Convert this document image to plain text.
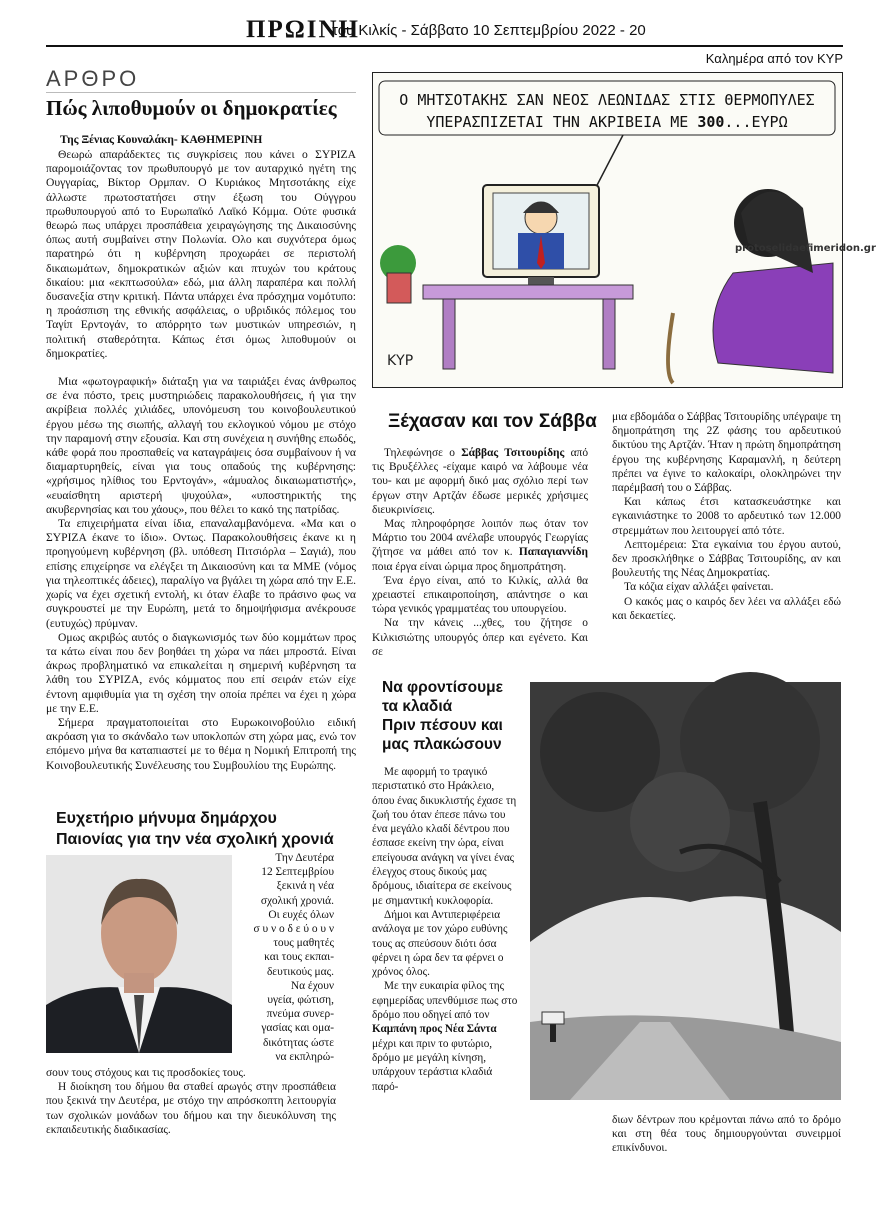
ΠΡΩΙΝΗ
του Κιλκίς - Σάββατο 10 Σεπτεμβρίου 2022 - 20
Καλημέρα από τον ΚΥΡ
ΑΡΘΡΟ
Πώς λιποθυμούν οι δημοκρατίες
Της Ξένιας Κουναλάκη- ΚΑΘΗΜΕΡΙΝΗ

Θεωρώ απαράδεκτες τις συγκρίσεις που κάνει ο ΣΥΡΙΖΑ παρομοιάζοντας τον πρωθυπουργό με τον αυταρχικό ηγέτη της Ουγγαρίας, Βίκτορ Ορμπαν. Ο Κυριάκος Μητσοτάκης είχε άλλωστε πρωτοστατήσει στην έξωση του Ούγγρου πρωθυπουργού από το Ευρωπαϊκό Λαϊκό Κόμμα. Ούτε φυσικά θεωρώ πως υπάρχει προσπάθεια χειραγώγησης της Δικαιοσύνης όπως αυτή συμβαίνει στην Πολωνία. Ολο και συχνότερα όμως παρατηρώ ότι η κυβέρνηση προχωράει σε περιστολή δικαιωμάτων, δημοκρατικών αξιών και πτυχών του κράτους δικαίου: μια «εκπτωσούλα» εδώ, μια άλλη παραπέρα και πολλή δυσανεξία στην κριτική. Πάντα υπάρχει ένα πρόσχημα νομότυπο: η προάσπιση της εθνικής ασφάλειας, ο υβριδικός πόλεμος του Ταγίπ Ερντογάν, το απόρρητο των μυστικών υπηρεσιών, η πολιτική σταθερότητα. Κάπως έτσι όμως λιποθυμούν οι δημοκρατίες.

Μια «φωτογραφική» διάταξη για να ταιριάξει ένας άνθρωπος σε ένα πόστο, τρεις μυστηριώδεις παρακολουθήσεις, ή για την ακρίβεια πολλές χιλιάδες, υπονόμευση του κοινοβουλευτικού έργου μέσω της σιωπής, αλλαγή του εκλογικού νόμου με στόχο την παραμονή στην εξουσία. Και στη συνέχεια η συνήθης επωδός, κάθε φορά που προσπαθείς να καταγράψεις όσα συμβαίνουν ή να διαμαρτυρηθείς, είναι για τους οπαδούς της κυβέρνησης: «χρήσιμος ηλίθιος του Ερντογάν», «άμυαλος δικαιωματιστής», «ευαίσθητη αριστερή ψυχούλα», «υποστηρικτής της ακυβερνησίας και του χάους», που θέλει το κακό της πατρίδας.

Τα επιχειρήματα είναι ίδια, επαναλαμβανόμενα. «Μα και ο ΣΥΡΙΖΑ έκανε το ίδιο». Οντως. Παρακολουθήσεις έκανε κι η προηγούμενη κυβέρνηση (βλ. υπόθεση Πιτσιόρλα – Σαγιά), που επίσης επιχείρησε να ελέγξει τη Δικαιοσύνη και τα ΜΜΕ (νόμος για τηλεοπτικές άδειες), παραλίγο να βγάλει τη χώρα από την Ε.Ε. χωρίς να έχει σχετική εντολή, κι όταν έλαβε το πράσινο φως να συγκρουστεί με την Ευρώπη, μετά το δημοψήφισμα ανέκρουσε (ευτυχώς) πρύμναν.

Ομως ακριβώς αυτός ο διαγκωνισμός των δύο κομμάτων προς τα κάτω είναι που δεν βοηθάει τη χώρα να πάει μπροστά. Είναι άκρως προβληματικό να επικαλείται η σημερινή κυβέρνηση τα λάθη του ΣΥΡΙΖΑ, ενός κόμματος που επί σειράν ετών είχε έντονη αμφιθυμία για τη σχέση την οποία πρέπει να έχει η χώρα με την Ε.Ε.

Σήμερα πραγματοποιείται στο Ευρωκοινοβούλιο ειδική ακρόαση για το σκάνδαλο των υποκλοπών στη χώρα μας, ενώ τον επόμενο μήνα θα καταπιαστεί με το θέμα η Νομική Επιτροπή της Κοινοβουλευτικής Συνέλευσης του Συμβουλίου της Ευρώπης.

Ο ΜΗΤΣΟΤΑΚΗΣ ΣΑΝ ΝΕΟΣ ΛΕΩΝΙΔΑΣ ΣΤΙΣ ΘΕΡΜΟΠΥΛΕΣ
ΥΠΕΡΑΣΠΙΖΕΤΑΙ ΤΗΝ ΑΚΡΙΒΕΙΑ ΜΕ 300...ΕΥΡΩ
ΚΥΡ
protoselidaefimeridon.gr
Ξέχασαν και τον Σάββα

Τηλεφώνησε ο Σάββας Τσιτουρίδης από τις Βρυξέλλες -είχαμε καιρό να λάβουμε νέα του- και με αφορμή δικό μας σχόλιο περί των έργων στην Αρτζάν έδωσε μερικές χρήσιμες διευκρινίσεις.

Μας πληροφόρησε λοιπόν πως όταν τον Μάρτιο του 2004 ανέλαβε υπουργός Γεωργίας ζήτησε να μάθει από τον κ. Παπαγιαννίδη ποια έργα είναι ώριμα προς δημοπράτηση.

Ένα έργο είναι, από το Κιλκίς, αλλά θα χρειαστεί επικαιροποίηση, απάντησε ο και τώρα γενικός γραμματέας του υπουργείου.

Να την κάνεις ...χθες, του ζήτησε ο Κιλκισιώτης υπουργός όπερ και εγένετο. Και σε

μια εβδομάδα ο Σάββας Τσιτουρίδης υπέγραψε τη δημοπράτηση της 2Ζ φάσης του αρδευτικού δικτύου της Αρτζάν. Ήταν η πρώτη δημοπράτηση έργου της κυβέρνησης Καραμανλή, η δεύτερη πρέπει να έγινε το καλοκαίρι, ολοκληρώνει την παρέμβασή του ο Σάββας.

Και κάπως έτσι κατασκευάστηκε και εγκαινιάστηκε το 2008 το αρδευτικό των 12.000 στρεμμάτων που λειτουργεί από τότε.

Λεπτομέρεια: Στα εγκαίνια του έργου αυτού, δεν προσκλήθηκε ο Σάββας Τσιτουρίδης, αν και βουλευτής της Νέας Δημοκρατίας.

Τα κόζια είχαν αλλάξει φαίνεται.

Ο κακός μας ο καιρός δεν λέει να αλλάξει εδώ και δεκαετίες.

Ευχετήριο μήνυμα δημάρχου
Παιονίας για την νέα σχολική χρονιά
Την Δευτέρα
12 Σεπτεμβρίου
ξεκινά η νέα
σχολική χρονιά.
Οι ευχές όλων
σ υ ν ο δ ε ύ ο υ ν
τους μαθητές
και τους εκπαι-
δευτικούς μας.
Να έχουν
υγεία, φώτιση,
πνεύμα συνερ-
γασίας και ομα-
δικότητας ώστε
να εκπληρώ-

σουν τους στόχους και τις προσδοκίες τους.

Η διοίκηση του δήμου θα σταθεί αρωγός στην προσπάθεια που ξεκινά την Δευτέρα, με στόχο την απρόσκοπτη λειτουργία των σχολικών μονάδων του δήμου και την διευκόλυνση της εκπαιδευτικής διαδικασίας.

Να φροντίσουμε
τα κλαδιά
Πριν πέσουν και
μας πλακώσουν

Με αφορμή το τραγικό περιστατικό στο Ηράκλειο, όπου ένας δικυκλιστής έχασε τη ζωή του όταν έπεσε πάνω του ένα μεγάλο κλαδί δέντρου που έσπασε εκείνη την ώρα, είναι επείγουσα ανάγκη να γίνει ένας έλεγχος στους δικούς μας δρόμους, ιδιαίτερα σε εκείνους με σημαντική κυκλοφορία.

Δήμοι και Αντιπεριφέρεια ανάλογα με τον χώρο ευθύνης τους ας σπεύσουν διότι όσα φέρνει η ώρα δεν τα φέρνει ο χρόνος όλος.

Με την ευκαιρία φίλος της εφημερίδας υπενθύμισε πως στο δρόμο που οδηγεί από τον Καμπάνη προς Νέα Σάντα μέχρι και πριν το φυτώριο, δρόμο με μεγάλη κίνηση, υπάρχουν τεράστια κλαδιά παρό-

διων δέντρων που κρέμονται πάνω από το δρόμο και στη θέα τους δημιουργούνται συνειρμοί επικίνδυνοι.
